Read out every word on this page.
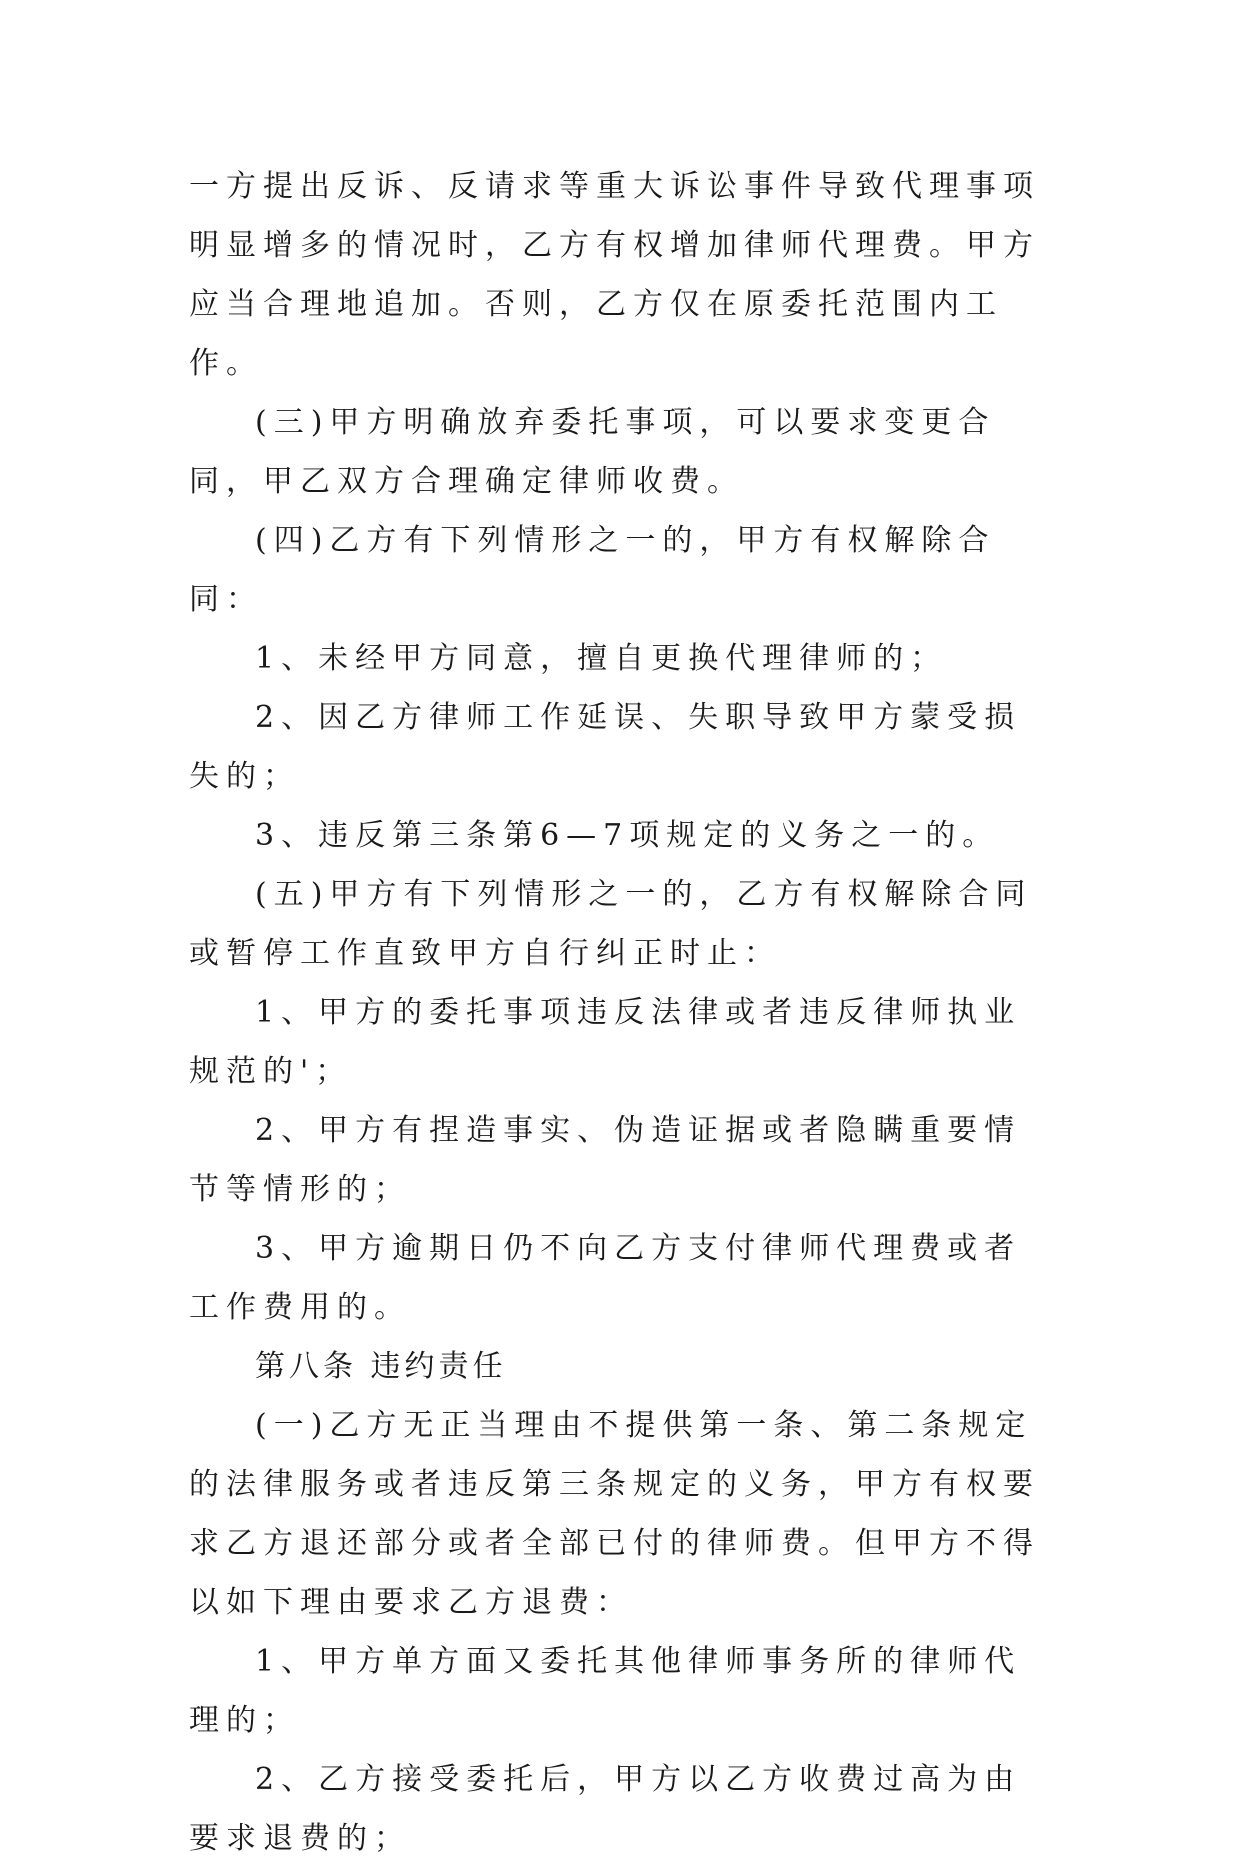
一方提出反诉、反请求等重大诉讼事件导致代理事项明显增多的情况时，乙方有权增加律师代理费。甲方应当合理地追加。否则，乙方仅在原委托范围内工作。

(三)甲方明确放弃委托事项，可以要求变更合同，甲乙双方合理确定律师收费。

(四)乙方有下列情形之一的，甲方有权解除合同：

1、未经甲方同意，擅自更换代理律师的；

2、因乙方律师工作延误、失职导致甲方蒙受损失的；

3、违反第三条第6—7项规定的义务之一的。

(五)甲方有下列情形之一的，乙方有权解除合同或暂停工作直致甲方自行纠正时止：

1、甲方的委托事项违反法律或者违反律师执业规范的'；

2、甲方有捏造事实、伪造证据或者隐瞒重要情节等情形的；

3、甲方逾期日仍不向乙方支付律师代理费或者工作费用的。

第八条 违约责任

(一)乙方无正当理由不提供第一条、第二条规定的法律服务或者违反第三条规定的义务，甲方有权要求乙方退还部分或者全部已付的律师费。但甲方不得以如下理由要求乙方退费：

1、甲方单方面又委托其他律师事务所的律师代理的；

2、乙方接受委托后，甲方以乙方收费过高为由要求退费的；
